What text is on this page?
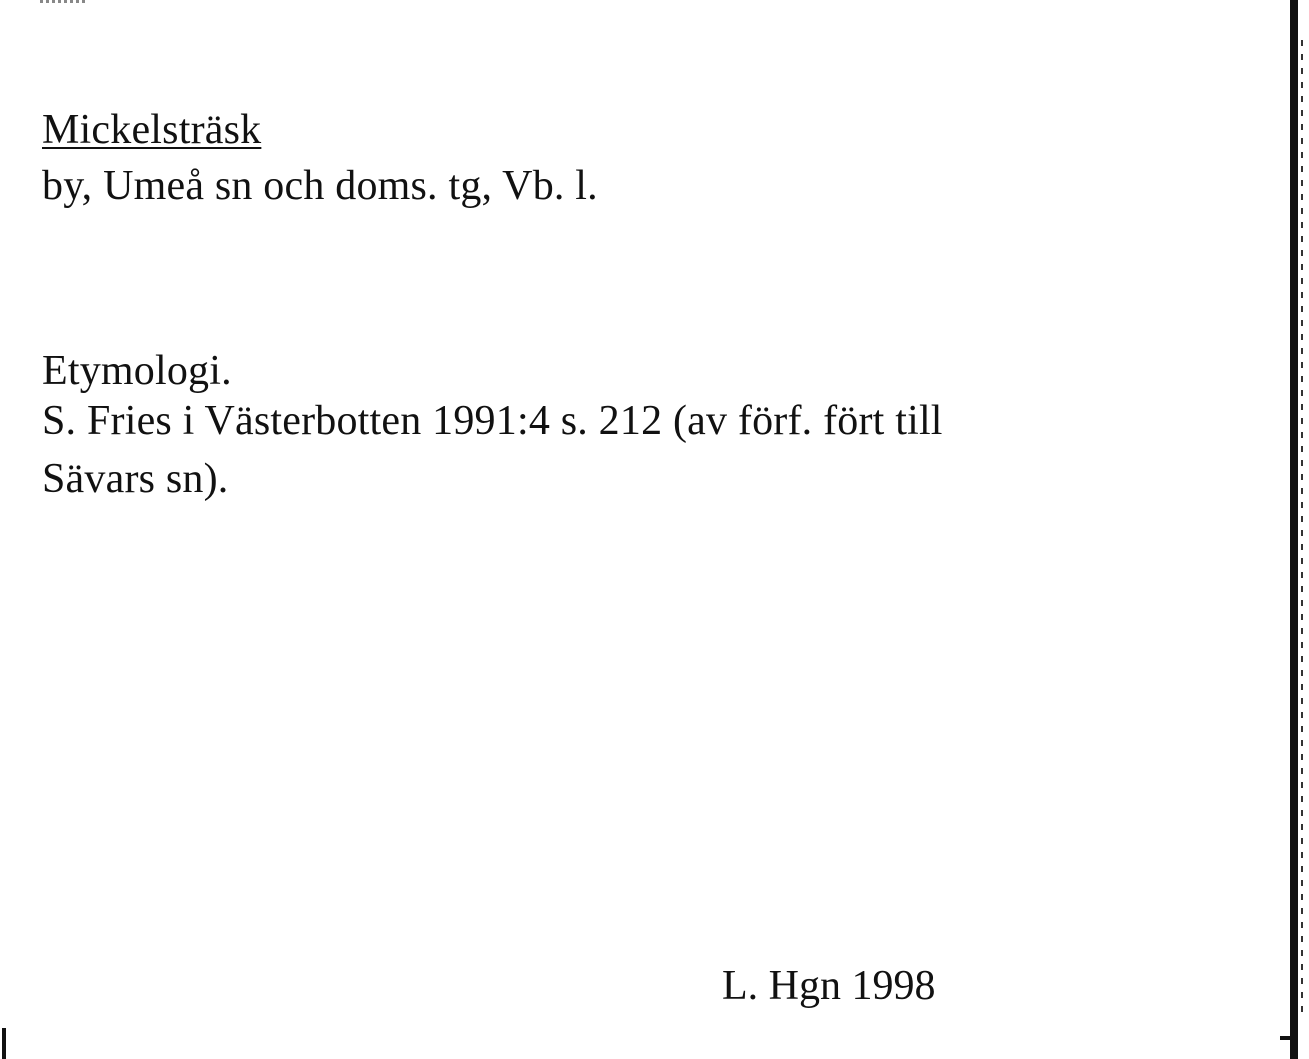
Mickelsträsk
by, Umeå sn och doms. tg, Vb. l.
Etymologi.
S. Fries i Västerbotten 1991:4 s. 212 (av förf. fört till
Sävars sn).
L. Hgn 1998
